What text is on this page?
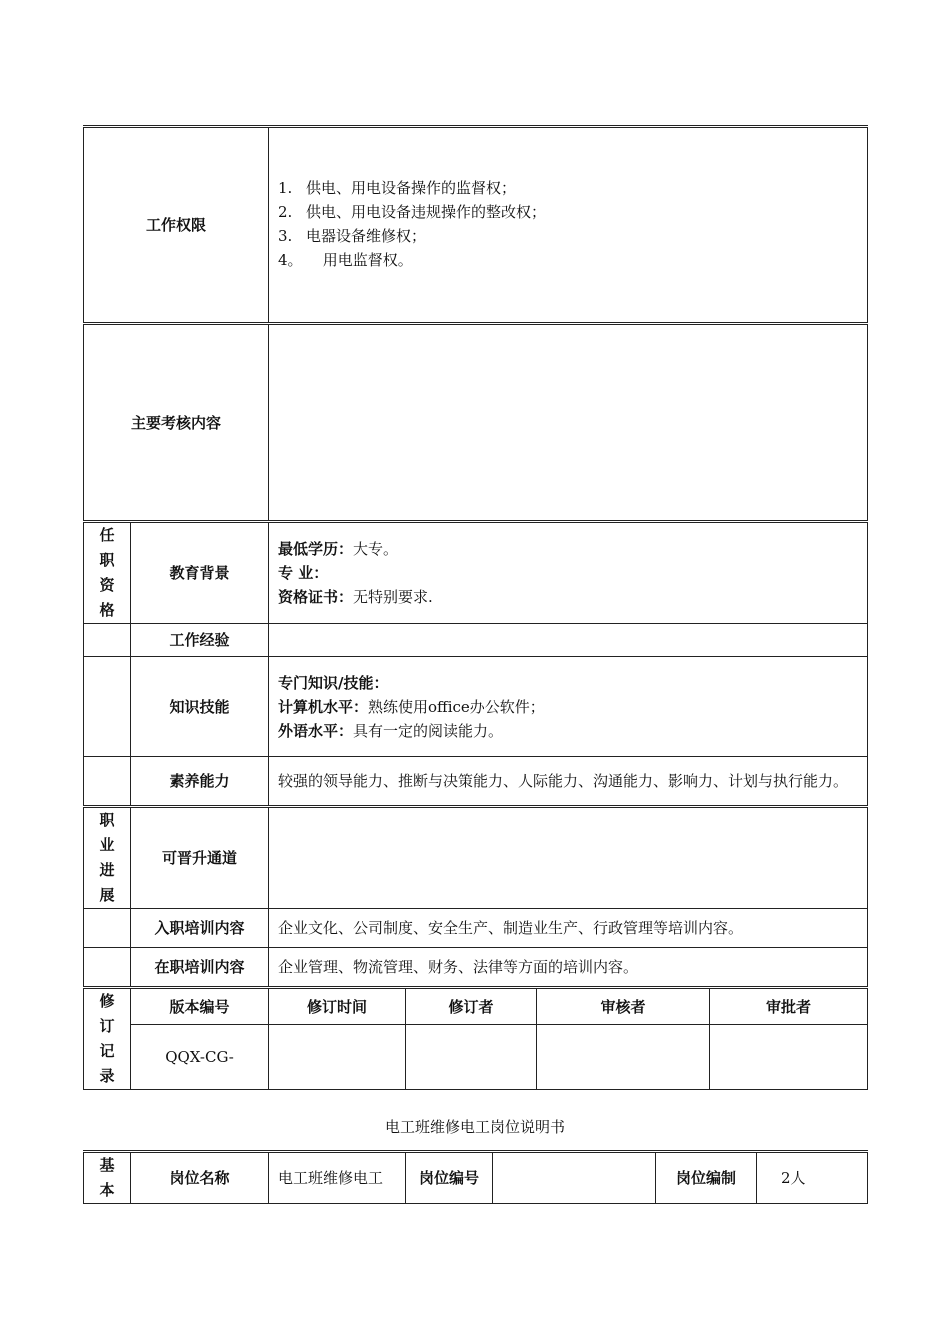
工作权限		1. 供电、用电设备操作的监督权；
2. 供电、用电设备违规操作的整改权；
3. 电器设备维修权；
4。 用电监督权。			

主要考核内容					
任职资格	教育背景	最低学历：大专。
专 业：
资格证书：无特别要求.			

	工作经验				
	知识技能	专门知识/技能：
计算机水平：熟练使用office办公软件；
外语水平：具有一定的阅读能力。			

	素养能力	较强的领导能力、推断与决策能力、人际能力、沟通能力、影响力、计划与执行能力。			
职业进展	可晋升通道				
	入职培训内容	企业文化、公司制度、安全生产、制造业生产、行政管理等培训内容。			
	在职培训内容	企业管理、物流管理、财务、法律等方面的培训内容。			
修订记录	版本编号	修订时间	修订者	审核者	审批者
	QQX-CG-				
电工班维修电工岗位说明书
基本	岗位名称	电工班维修电工	岗位编号		岗位编制	2人
